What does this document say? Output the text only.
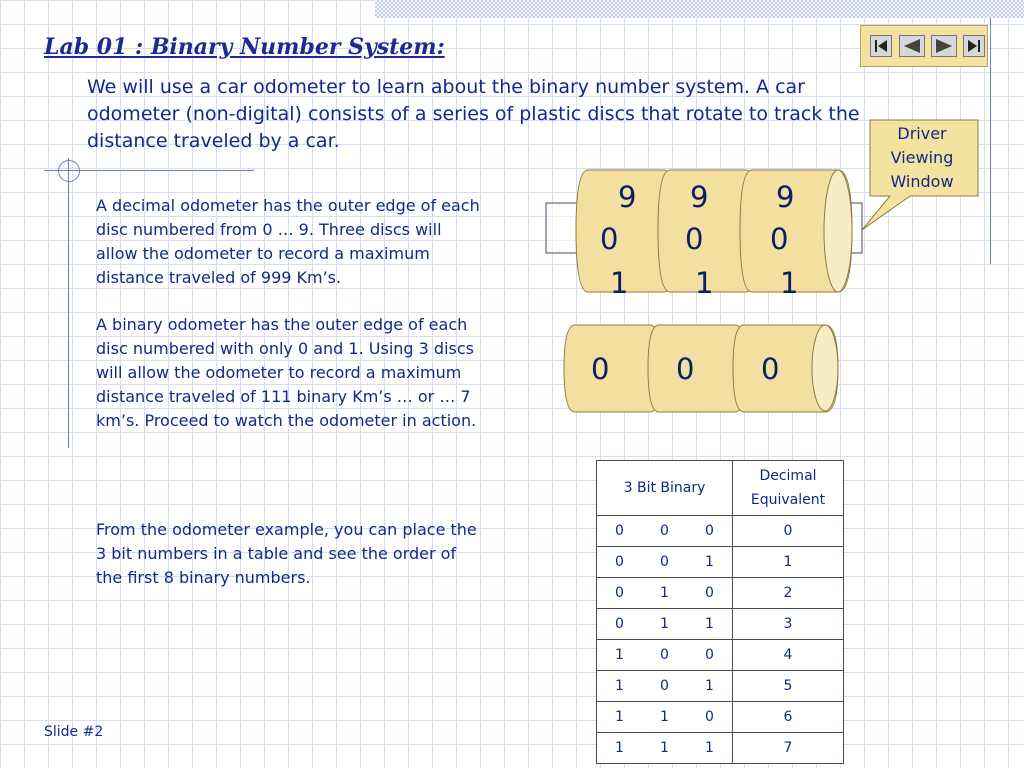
Lab 01 : Binary Number System:

We will use a car odometer to learn about the binary number system. A car odometer (non-digital) consists of a series of plastic discs that rotate to track the distance traveled by a car.

A decimal odometer has the outer edge of each disc numbered from 0 … 9. Three discs will allow the odometer to record a maximum distance traveled of 999 Km’s.

A binary odometer has the outer edge of each disc numbered with only 0 and 1. Using 3 discs will allow the odometer to record a maximum distance traveled of 111 binary Km’s … or … 7 km’s. Proceed to watch the odometer in action.

From the odometer example, you can place the 3 bit numbers in a table and see the order of the first 8 binary numbers.

Driver
Viewing
Window
9 9 9
0 0 0
1 1 1
0 0 0
3 Bit Binary			Decimal
Equivalent

0	0	0	0
0	0	1	1
0	1	0	2
0	1	1	3
1	0	0	4
1	0	1	5
1	1	0	6
1	1	1	7
Slide #2
